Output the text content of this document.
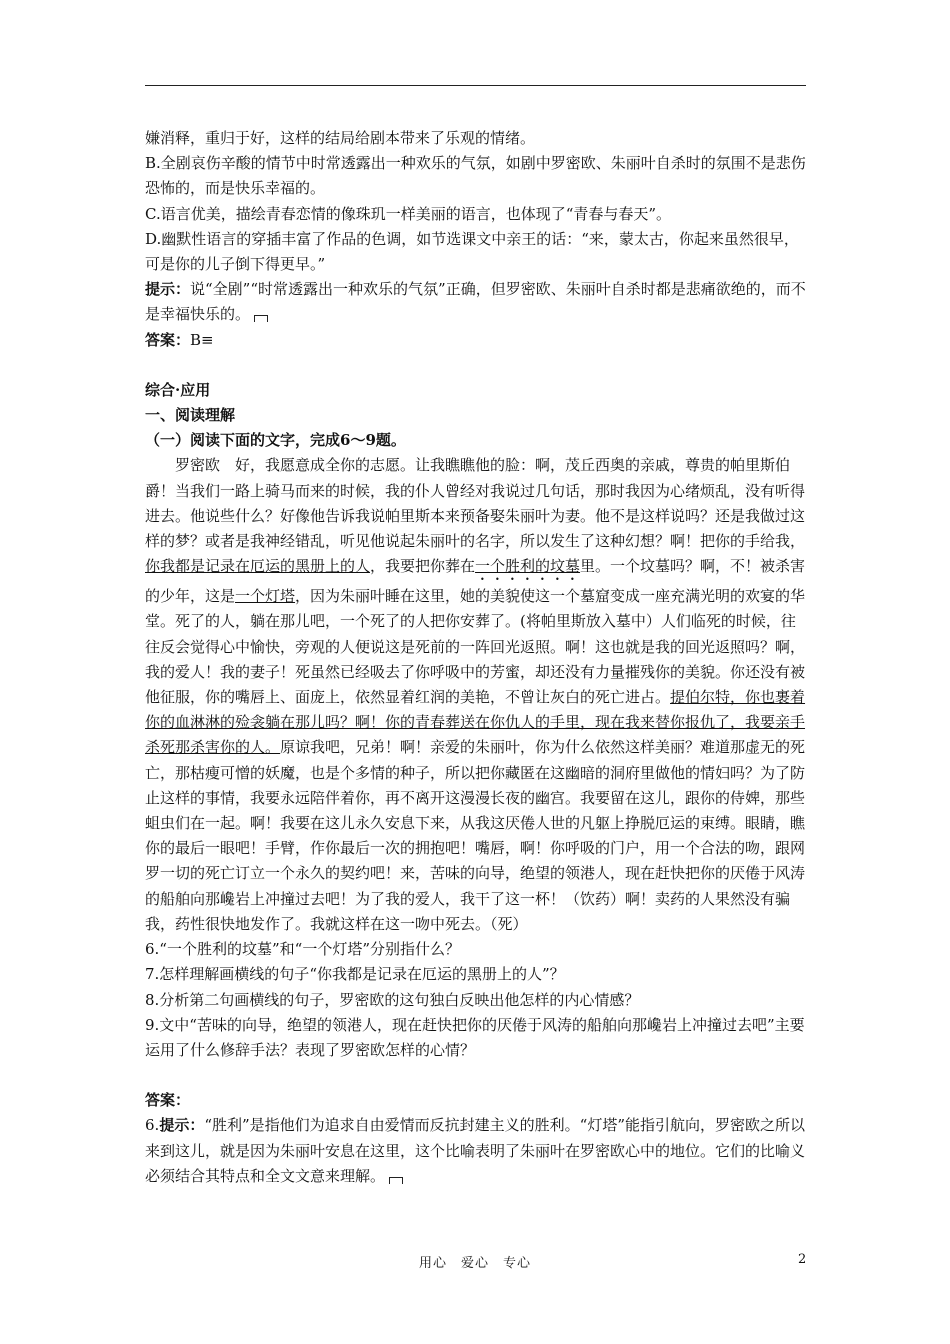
嫌消释，重归于好，这样的结局给剧本带来了乐观的情绪。

B.全剧哀伤辛酸的情节中时常透露出一种欢乐的气氛，如剧中罗密欧、朱丽叶自杀时的氛围不是悲伤恐怖的，而是快乐幸福的。

C.语言优美，描绘青春恋情的像珠玑一样美丽的语言，也体现了“青春与春天”。

D.幽默性语言的穿插丰富了作品的色调，如节选课文中亲王的话：“来，蒙太古，你起来虽然很早，可是你的儿子倒下得更早。”

提示：说“全剧”“时常透露出一种欢乐的气氛”正确，但罗密欧、朱丽叶自杀时都是悲痛欲绝的，而不是幸福快乐的。

答案：B≡

综合·应用

一、阅读理解

（一）阅读下面的文字，完成6～9题。

罗密欧　好，我愿意成全你的志愿。让我瞧瞧他的脸：啊，茂丘西奥的亲戚，尊贵的帕里斯伯爵！当我们一路上骑马而来的时候，我的仆人曾经对我说过几句话，那时我因为心绪烦乱，没有听得进去。他说些什么？好像他告诉我说帕里斯本来预备娶朱丽叶为妻。他不是这样说吗？还是我做过这样的梦？或者是我神经错乱，听见他说起朱丽叶的名字，所以发生了这种幻想？啊！把你的手给我，你我都是记录在厄运的黑册上的人，我要把你葬在一个胜利的坟墓里。一个坟墓吗？啊，不！被杀害的少年，这是一个灯塔，因为朱丽叶睡在这里，她的美貌使这一个墓窟变成一座充满光明的欢宴的华堂。死了的人，躺在那儿吧，一个死了的人把你安葬了。(将帕里斯放入墓中）人们临死的时候，往往反会觉得心中愉快，旁观的人便说这是死前的一阵回光返照。啊！这也就是我的回光返照吗？啊，我的爱人！我的妻子！死虽然已经吸去了你呼吸中的芳蜜，却还没有力量摧残你的美貌。你还没有被他征服，你的嘴唇上、面庞上，依然显着红润的美艳，不曾让灰白的死亡进占。提伯尔特，你也裹着你的血淋淋的殓衾躺在那儿吗？啊！你的青春葬送在你仇人的手里，现在我来替你报仇了，我要亲手杀死那杀害你的人。原谅我吧，兄弟！啊！亲爱的朱丽叶，你为什么依然这样美丽？难道那虚无的死亡，那枯瘦可憎的妖魔，也是个多情的种子，所以把你藏匿在这幽暗的洞府里做他的情妇吗？为了防止这样的事情，我要永远陪伴着你，再不离开这漫漫长夜的幽宫。我要留在这儿，跟你的侍婢，那些蛆虫们在一起。啊！我要在这儿永久安息下来，从我这厌倦人世的凡躯上挣脱厄运的束缚。眼睛，瞧你的最后一眼吧！手臂，作你最后一次的拥抱吧！嘴唇，啊！你呼吸的门户，用一个合法的吻，跟网罗一切的死亡订立一个永久的契约吧！来，苦味的向导，绝望的领港人，现在赶快把你的厌倦于风涛的船舶向那巉岩上冲撞过去吧！为了我的爱人，我干了这一杯！（饮药）啊！卖药的人果然没有骗我，药性很快地发作了。我就这样在这一吻中死去。（死）

6.“一个胜利的坟墓”和“一个灯塔”分别指什么？

7.怎样理解画横线的句子“你我都是记录在厄运的黑册上的人”？

8.分析第二句画横线的句子，罗密欧的这句独白反映出他怎样的内心情感？

9.文中“苦味的向导，绝望的领港人，现在赶快把你的厌倦于风涛的船舶向那巉岩上冲撞过去吧”主要运用了什么修辞手法？表现了罗密欧怎样的心情？

答案：

6.提示：“胜利”是指他们为追求自由爱情而反抗封建主义的胜利。“灯塔”能指引航向，罗密欧之所以来到这儿，就是因为朱丽叶安息在这里，这个比喻表明了朱丽叶在罗密欧心中的地位。它们的比喻义必须结合其特点和全文文意来理解。

用心　爱心　专心	2
